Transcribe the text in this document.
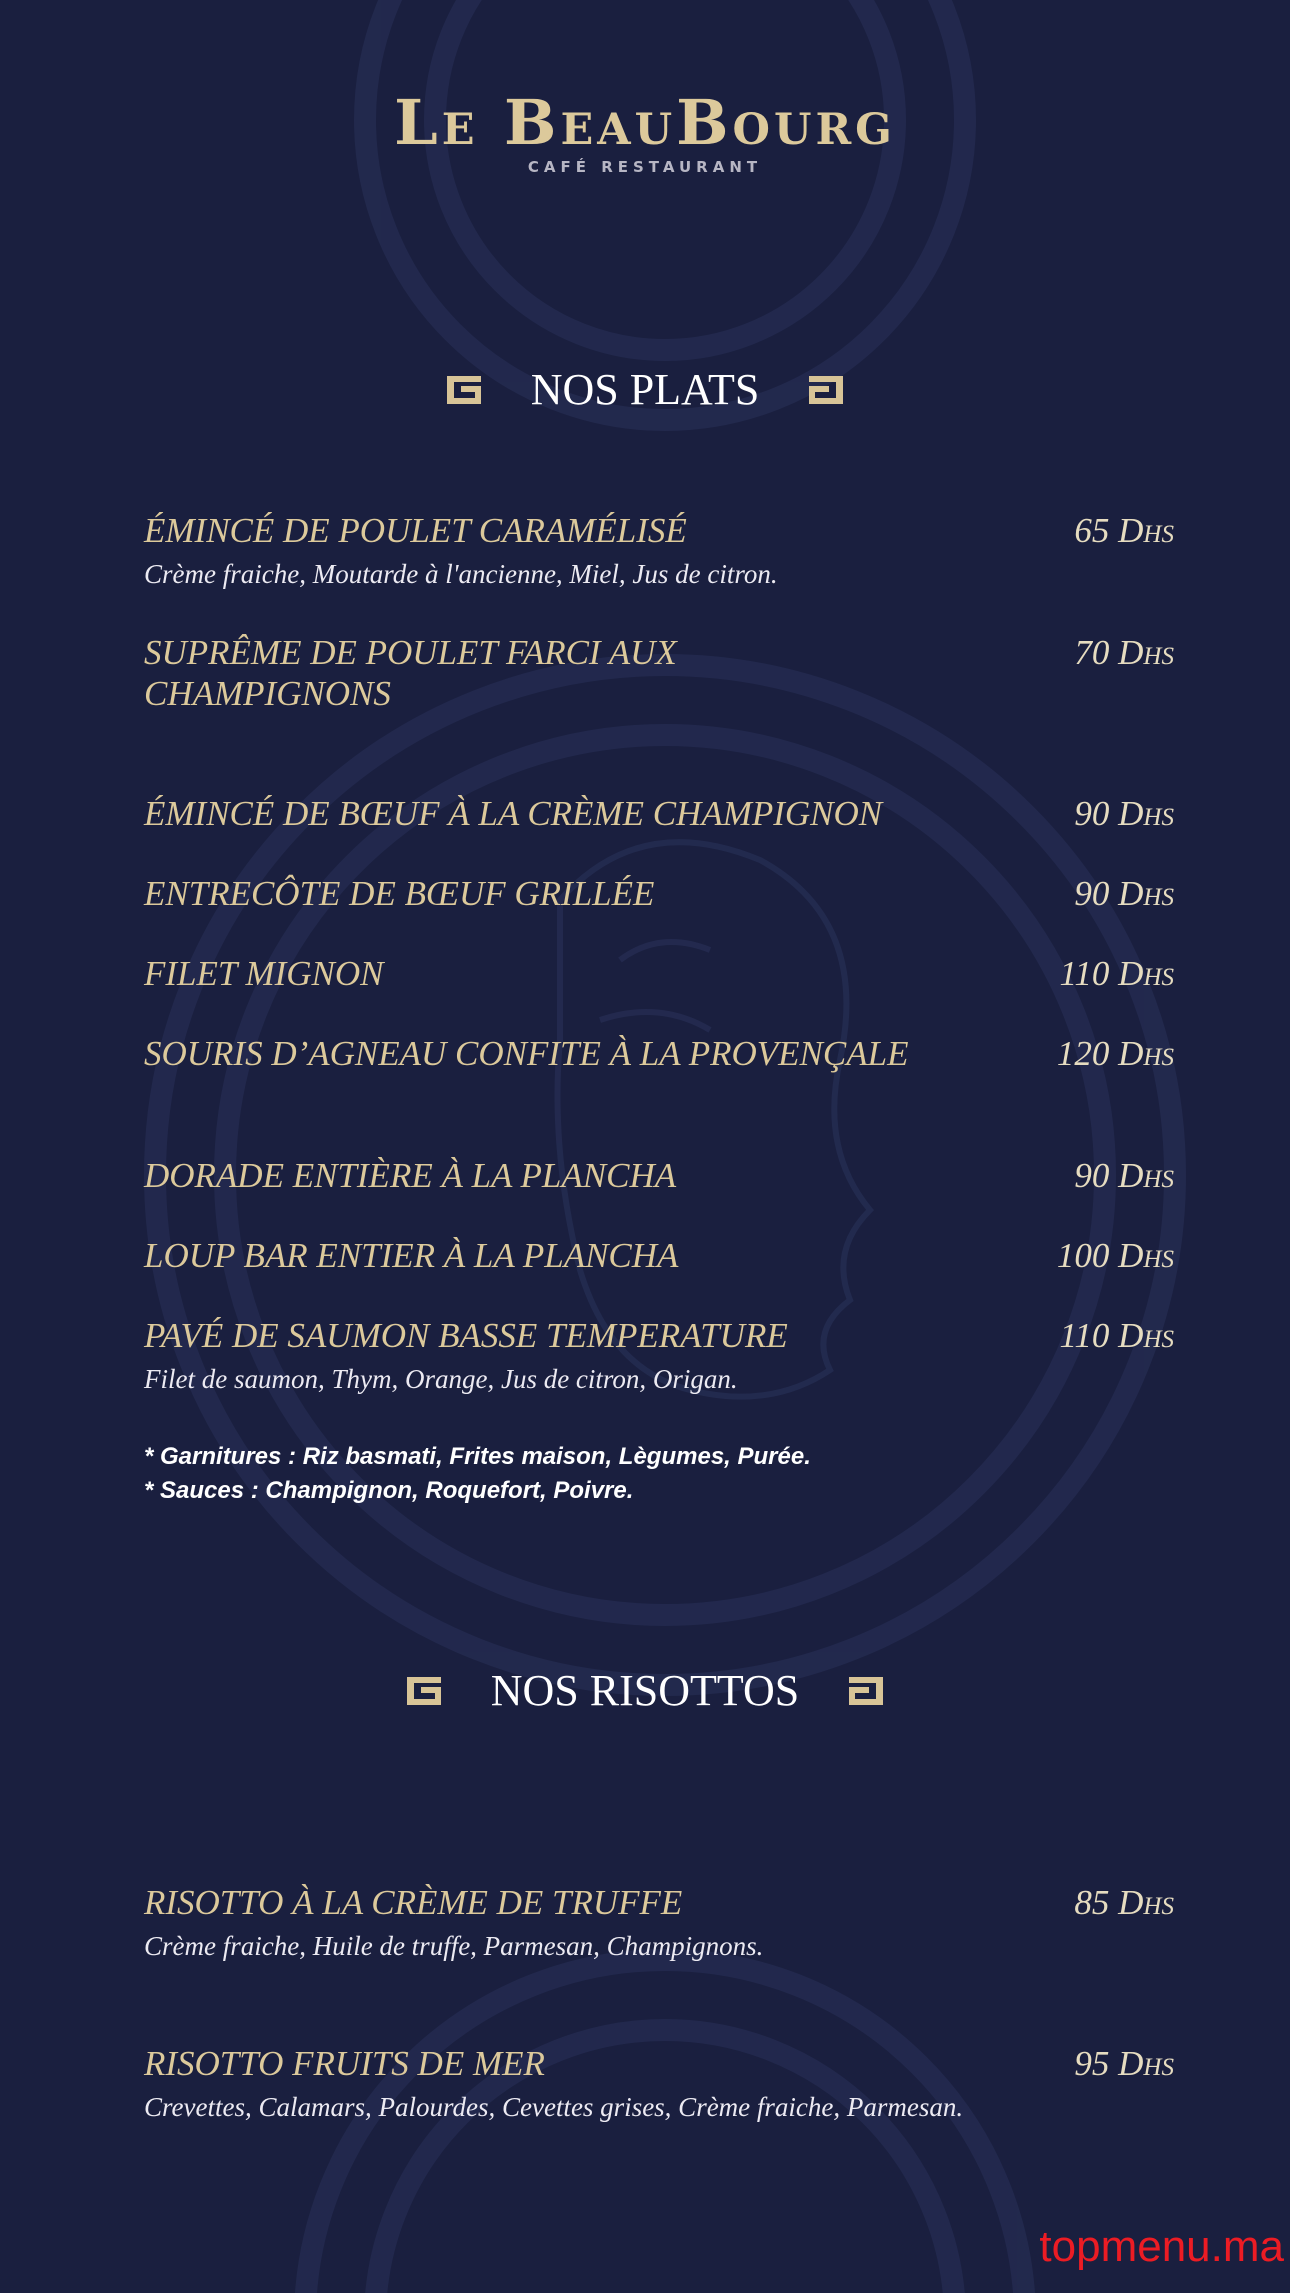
Le BeauBourg
CAFÉ RESTAURANT
NOS PLATS
ÉMINCÉ DE POULET CARAMÉLISÉ	65 Dhs
Crème fraiche, Moutarde à l'ancienne, Miel, Jus de citron.
SUPRÊME DE POULET FARCI AUX CHAMPIGNONS
70 Dhs
ÉMINCÉ DE BŒUF À LA CRÈME CHAMPIGNON	90 Dhs
ENTRECÔTE DE BŒUF GRILLÉE	90 Dhs
FILET MIGNON	110 Dhs
SOURIS D’AGNEAU CONFITE À LA PROVENÇALE	120 Dhs
DORADE ENTIÈRE À LA PLANCHA	90 Dhs
LOUP BAR ENTIER À LA PLANCHA	100 Dhs
PAVÉ DE SAUMON BASSE TEMPERATURE	110 Dhs
Filet de saumon, Thym, Orange, Jus de citron, Origan.
* Garnitures : Riz basmati, Frites maison, Lègumes, Purée.
* Sauces : Champignon, Roquefort, Poivre.
NOS RISOTTOS
RISOTTO À LA CRÈME DE TRUFFE	85 Dhs
Crème fraiche, Huile de truffe, Parmesan, Champignons.
RISOTTO FRUITS DE MER	95 Dhs
Crevettes, Calamars, Palourdes, Cevettes grises, Crème fraiche, Parmesan.
topmenu.ma
